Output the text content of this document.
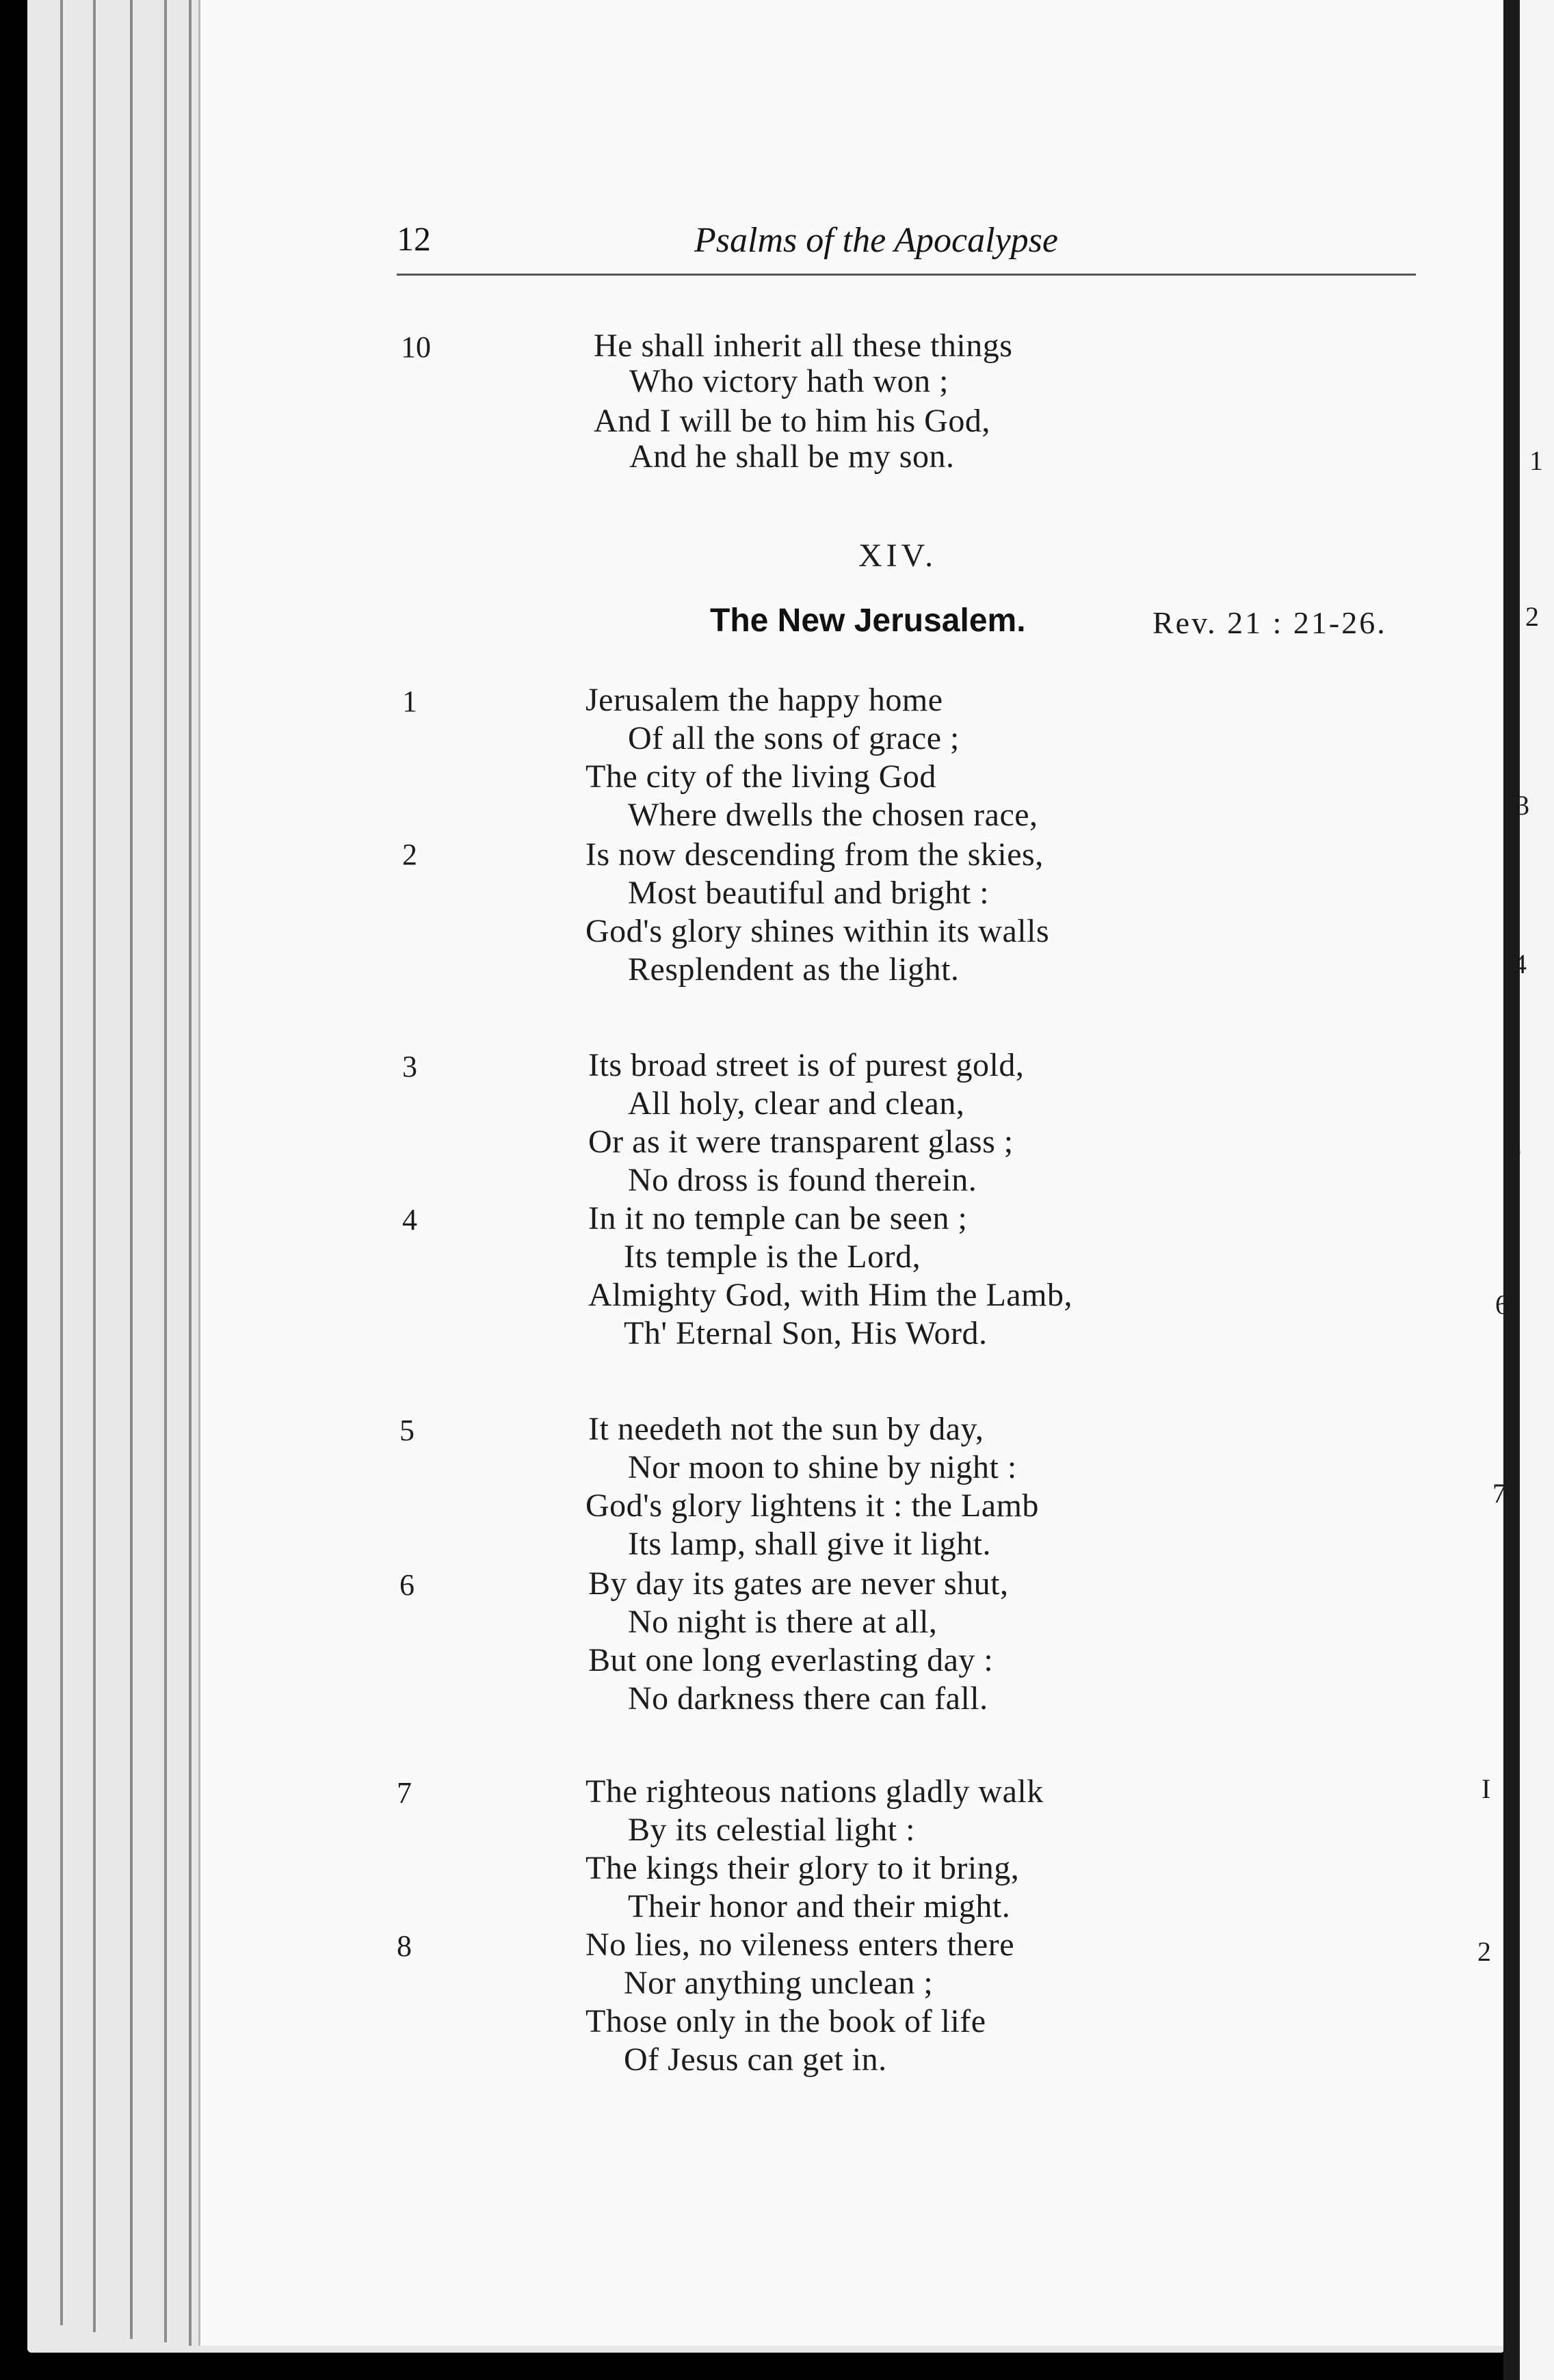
12	Psalms of the Apocalypse
10	He shall inherit all these things
Who victory hath won ;
And I will be to him his God,
And he shall be my son.
XIV.
The New Jerusalem.	Rev. 21 : 21-26.
1	Jerusalem the happy home
Of all the sons of grace ;
The city of the living God
Where dwells the chosen race,
2	Is now descending from the skies,
Most beautiful and bright :
God's glory shines within its walls
Resplendent as the light.
3	Its broad street is of purest gold,
All holy, clear and clean,
Or as it were transparent glass ;
No dross is found therein.
4	In it no temple can be seen ;
Its temple is the Lord,
Almighty God, with Him the Lamb,
Th' Eternal Son, His Word.
5	It needeth not the sun by day,
Nor moon to shine by night :
God's glory lightens it : the Lamb
Its lamp, shall give it light.
6	By day its gates are never shut,
No night is there at all,
But one long everlasting day :
No darkness there can fall.
7	The righteous nations gladly walk
By its celestial light :
The kings their glory to it bring,
Their honor and their might.
8	No lies, no vileness enters there
Nor anything unclean ;
Those only in the book of life
Of Jesus can get in.
1
2
3
4
5
6
7
I
2
